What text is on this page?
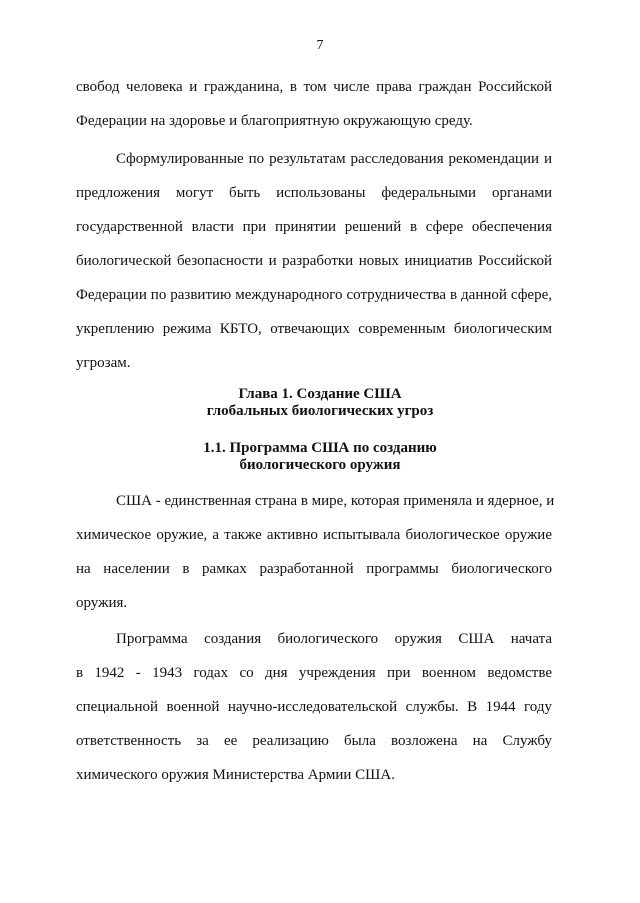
7
свобод человека и гражданина, в том числе права граждан Российской
Федерации на здоровье и благоприятную окружающую среду.
Сформулированные по результатам расследования рекомендации и
предложения могут быть использованы федеральными органами
государственной власти при принятии решений в сфере обеспечения
биологической безопасности и разработки новых инициатив Российской
Федерации по развитию международного сотрудничества в данной сфере,
укреплению режима КБТО, отвечающих современным биологическим
угрозам.
Глава 1. Создание США
глобальных биологических угроз
1.1. Программа США по созданию
биологического оружия
США - единственная страна в мире, которая применяла и ядерное, и
химическое оружие, а также активно испытывала биологическое оружие
на населении в рамках разработанной программы биологического
оружия.
Программа создания биологического оружия США начата
в 1942 - 1943 годах со дня учреждения при военном ведомстве
специальной военной научно-исследовательской службы. В 1944 году
ответственность за ее реализацию была возложена на Службу
химического оружия Министерства Армии США.
